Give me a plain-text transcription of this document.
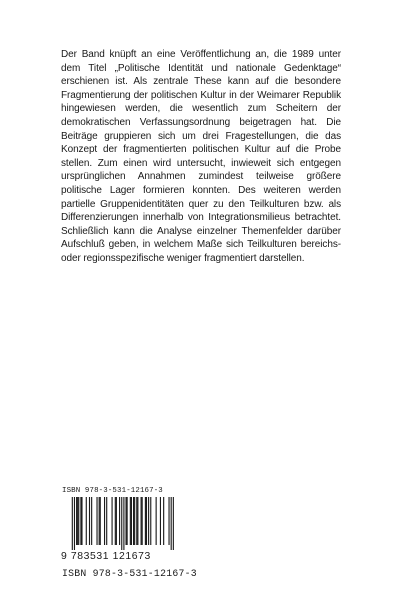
Der Band knüpft an eine Veröffentlichung an, die 1989 unter dem Titel „Politische Identität und nationale Gedenktage“ erschienen ist. Als zentrale These kann auf die besondere Fragmentierung der politischen Kultur in der Weimarer Republik hingewiesen werden, die wesentlich zum Scheitern der demokratischen Verfassungsordnung beigetragen hat. Die Beiträge gruppieren sich um drei Fragestellungen, die das Konzept der fragmentierten politischen Kultur auf die Probe stellen. Zum einen wird untersucht, inwieweit sich entgegen ursprünglichen Annahmen zumindest teilweise größere politische Lager formieren konnten. Des weiteren werden partielle Gruppenidentitäten quer zu den Teilkulturen bzw. als Differenzierungen innerhalb von Integrationsmilieus betrachtet. Schließlich kann die Analyse einzelner Themenfelder darüber Aufschluß geben, in welchem Maße sich Teilkulturen bereichs- oder regionsspezifische weniger fragmentiert darstellen.

ISBN 978-3-531-12167-3
9 783531 121673
ISBN 978-3-531-12167-3
